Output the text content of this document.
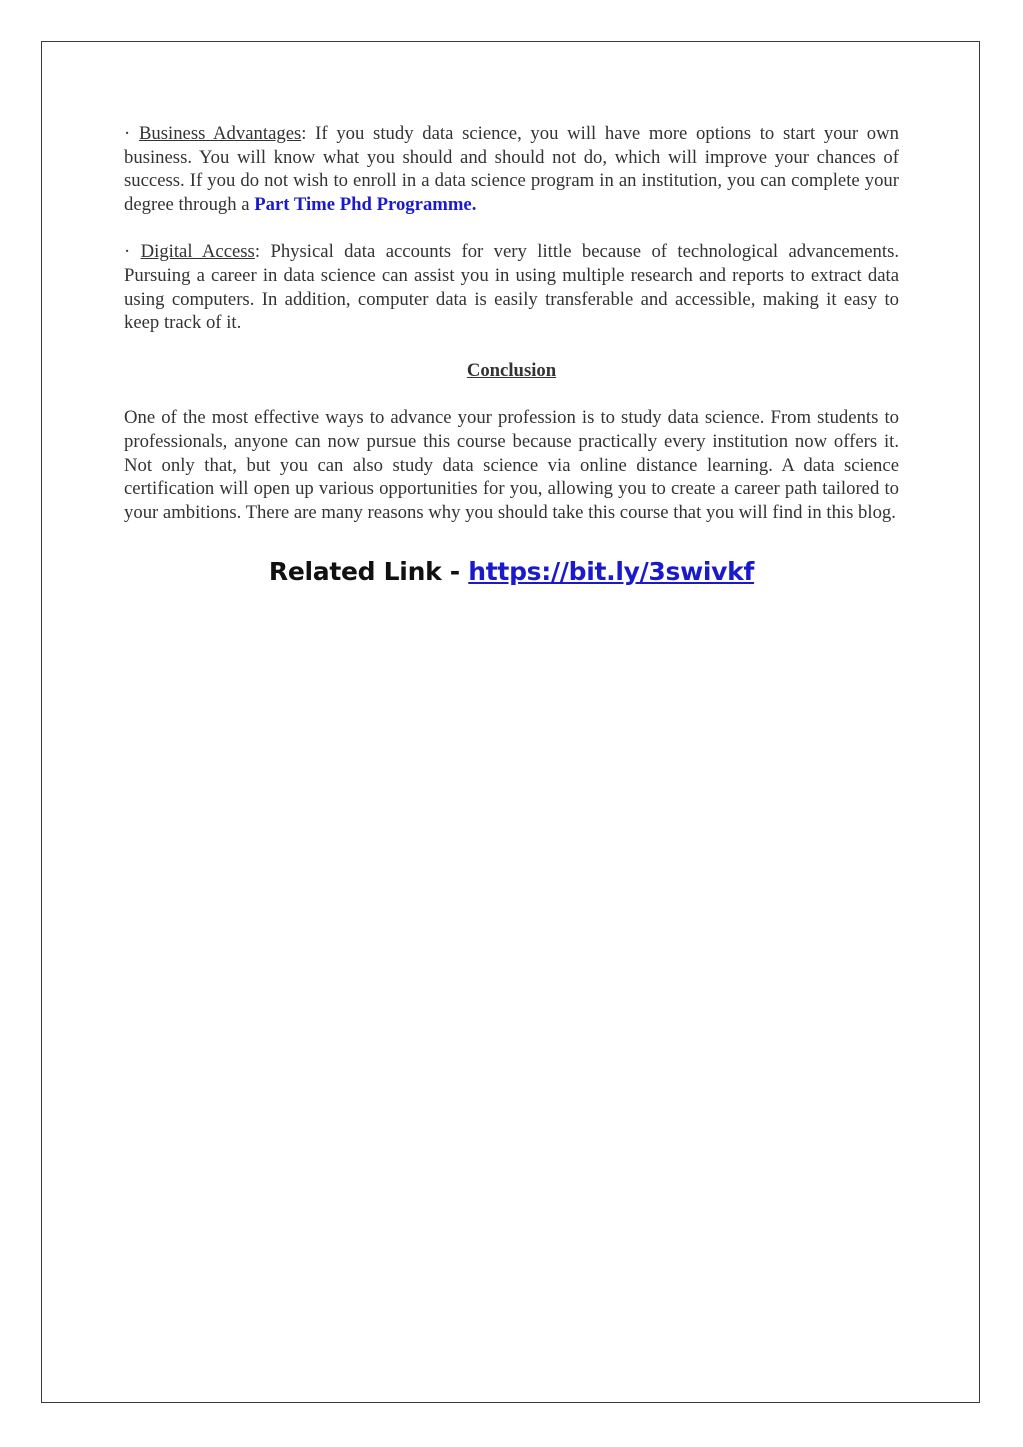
· Business Advantages: If you study data science, you will have more options to start your own business. You will know what you should and should not do, which will improve your chances of success. If you do not wish to enroll in a data science program in an institution, you can complete your degree through a Part Time Phd Programme.

· Digital Access: Physical data accounts for very little because of technological advancements. Pursuing a career in data science can assist you in using multiple research and reports to extract data using computers. In addition, computer data is easily transferable and accessible, making it easy to keep track of it.

Conclusion

One of the most effective ways to advance your profession is to study data science. From students to professionals, anyone can now pursue this course because practically every institution now offers it. Not only that, but you can also study data science via online distance learning. A data science certification will open up various opportunities for you, allowing you to create a career path tailored to your ambitions. There are many reasons why you should take this course that you will find in this blog.

Related Link - https://bit.ly/3swivkf
